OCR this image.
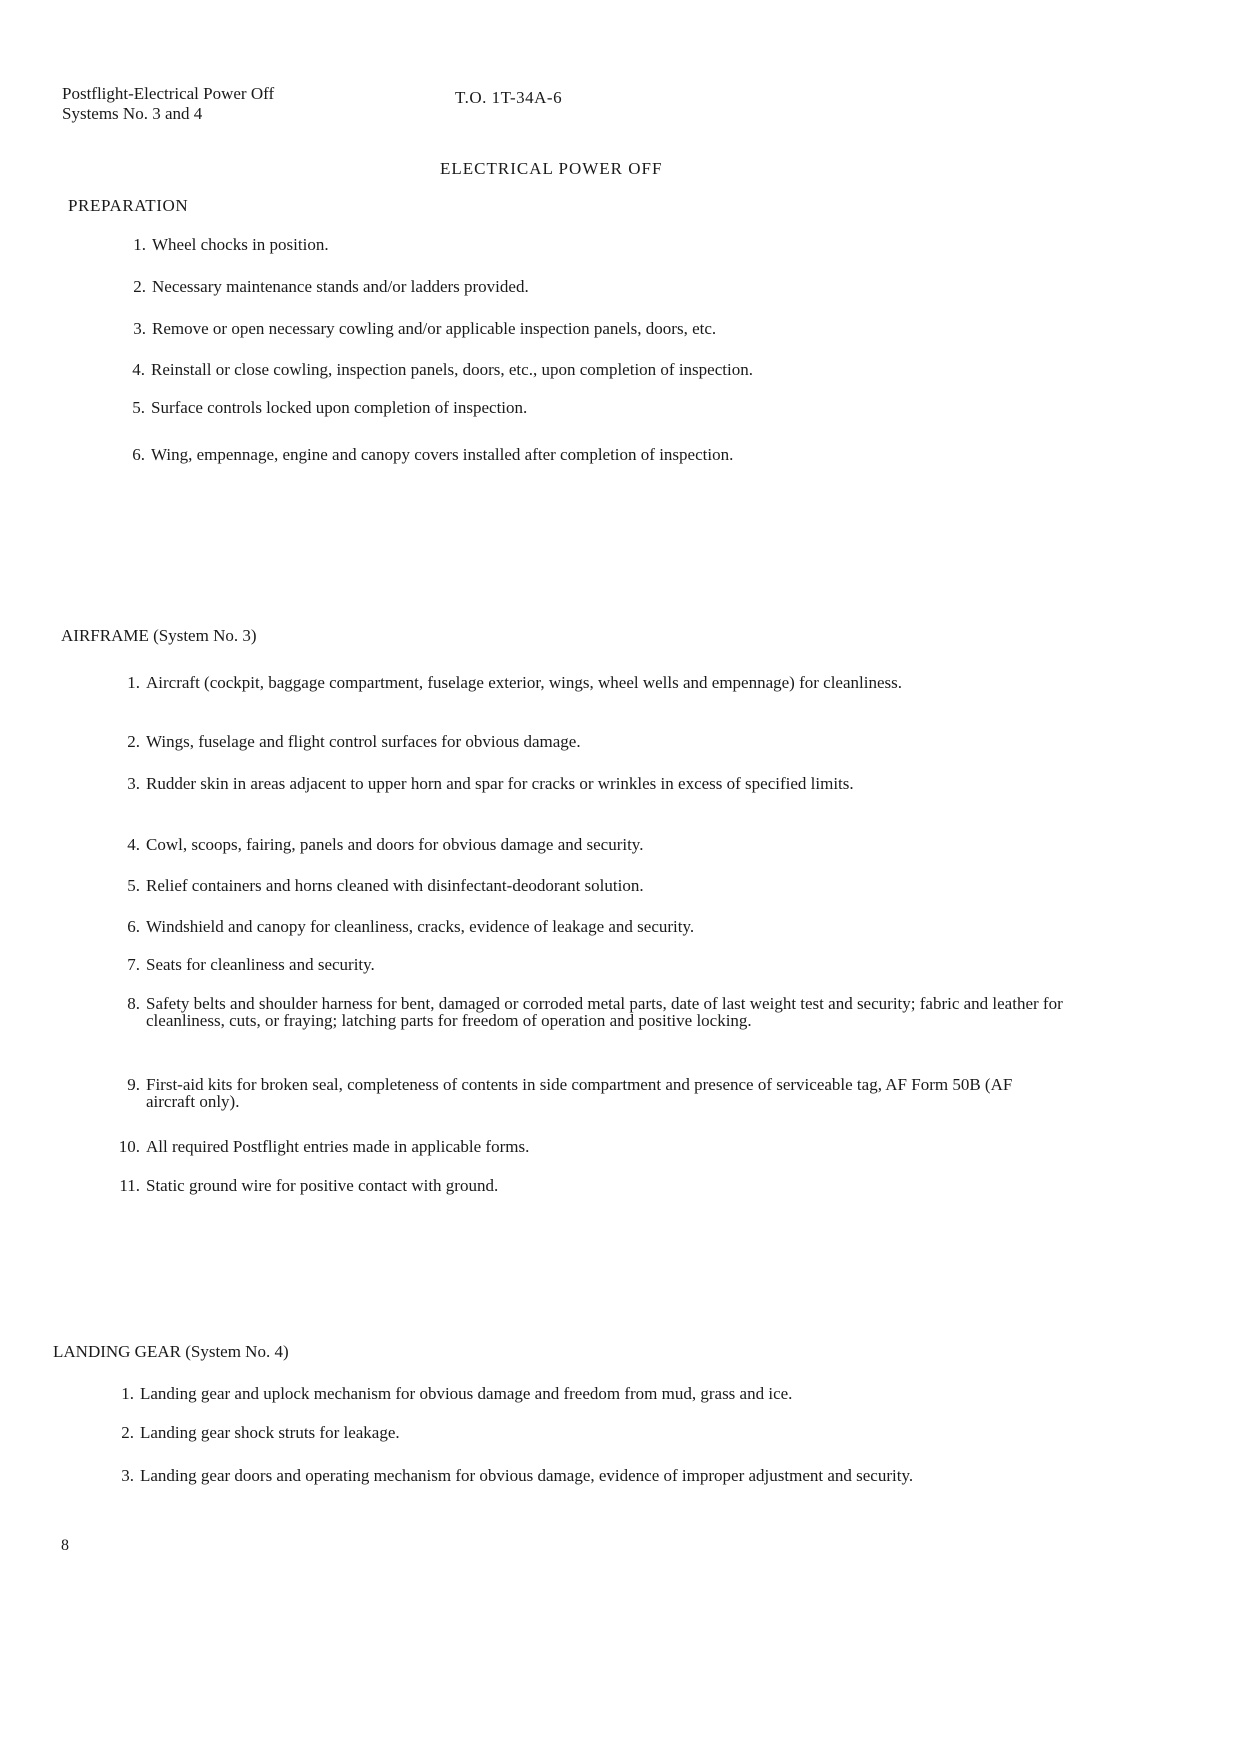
Postflight-Electrical Power Off
Systems No. 3 and 4
T.O. 1T-34A-6
ELECTRICAL POWER OFF
PREPARATION
1. Wheel chocks in position.
2. Necessary maintenance stands and/or ladders provided.
3. Remove or open necessary cowling and/or applicable inspection panels, doors, etc.
4. Reinstall or close cowling, inspection panels, doors, etc., upon completion of inspection.
5. Surface controls locked upon completion of inspection.
6. Wing, empennage, engine and canopy covers installed after completion of inspection.
AIRFRAME (System No. 3)
1. Aircraft (cockpit, baggage compartment, fuselage exterior, wings, wheel wells and empennage) for cleanliness.
2. Wings, fuselage and flight control surfaces for obvious damage.
3. Rudder skin in areas adjacent to upper horn and spar for cracks or wrinkles in excess of specified limits.
4. Cowl, scoops, fairing, panels and doors for obvious damage and security.
5. Relief containers and horns cleaned with disinfectant-deodorant solution.
6. Windshield and canopy for cleanliness, cracks, evidence of leakage and security.
7. Seats for cleanliness and security.
8. Safety belts and shoulder harness for bent, damaged or corroded metal parts, date of last weight test and security; fabric and leather for cleanliness, cuts, or fraying; latching parts for freedom of operation and positive locking.
9. First-aid kits for broken seal, completeness of contents in side compartment and presence of serviceable tag, AF Form 50B (AF aircraft only).
10. All required Postflight entries made in applicable forms.
11. Static ground wire for positive contact with ground.
LANDING GEAR (System No. 4)
1. Landing gear and uplock mechanism for obvious damage and freedom from mud, grass and ice.
2. Landing gear shock struts for leakage.
3. Landing gear doors and operating mechanism for obvious damage, evidence of improper adjustment and security.
8
